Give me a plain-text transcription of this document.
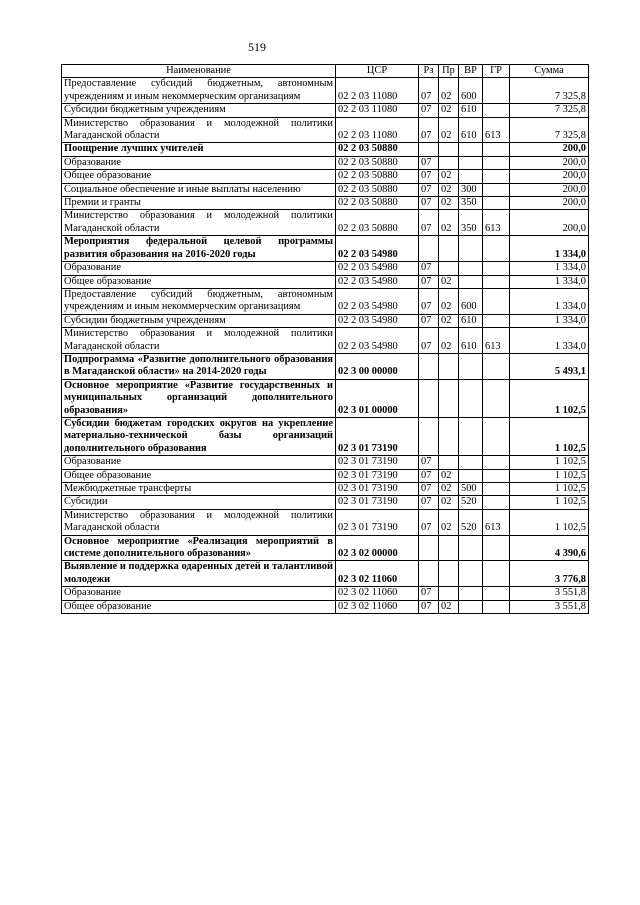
519
Наименование	ЦСР	Рз	Пр	ВР	ГР	Сумма
Предоставление субсидий бюджетным, автономным учреждениям и иным некоммерческим организациям	02 2 03 11080	07	02	600		7 325,8
Субсидии бюджетным учреждениям	02 2 03 11080	07	02	610		7 325,8
Министерство образования и молодежной политики Магаданской области	02 2 03 11080	07	02	610	613	7 325,8
Поощрение лучших учителей	02 2 03 50880					200,0
Образование	02 2 03 50880	07				200,0
Общее образование	02 2 03 50880	07	02			200,0
Социальное обеспечение и иные выплаты населению	02 2 03 50880	07	02	300		200,0
Премии и гранты	02 2 03 50880	07	02	350		200,0
Министерство образования и молодежной политики Магаданской области	02 2 03 50880	07	02	350	613	200,0
Мероприятия федеральной целевой программы развития образования на 2016-2020 годы	02 2 03 54980					1 334,0
Образование	02 2 03 54980	07				1 334,0
Общее образование	02 2 03 54980	07	02			1 334,0
Предоставление субсидий бюджетным, автономным учреждениям и иным некоммерческим организациям	02 2 03 54980	07	02	600		1 334,0
Субсидии бюджетным учреждениям	02 2 03 54980	07	02	610		1 334,0
Министерство образования и молодежной политики Магаданской области	02 2 03 54980	07	02	610	613	1 334,0
Подпрограмма «Развитие дополнительного образования в Магаданской области» на 2014-2020 годы	02 3 00 00000					5 493,1
Основное мероприятие «Развитие государственных и муниципальных организаций дополнительного образования»	02 3 01 00000					1 102,5
Субсидии бюджетам городских округов на укрепление материально-технической базы организаций дополнительного образования	02 3 01 73190					1 102,5
Образование	02 3 01 73190	07				1 102,5
Общее образование	02 3 01 73190	07	02			1 102,5
Межбюджетные трансферты	02 3 01 73190	07	02	500		1 102,5
Субсидии	02 3 01 73190	07	02	520		1 102,5
Министерство образования и молодежной политики Магаданской области	02 3 01 73190	07	02	520	613	1 102,5
Основное мероприятие «Реализация мероприятий в системе дополнительного образования»	02 3 02 00000					4 390,6
Выявление и поддержка одаренных детей и талантливой молодежи	02 3 02 11060					3 776,8
Образование	02 3 02 11060	07				3 551,8
Общее образование	02 3 02 11060	07	02			3 551,8
